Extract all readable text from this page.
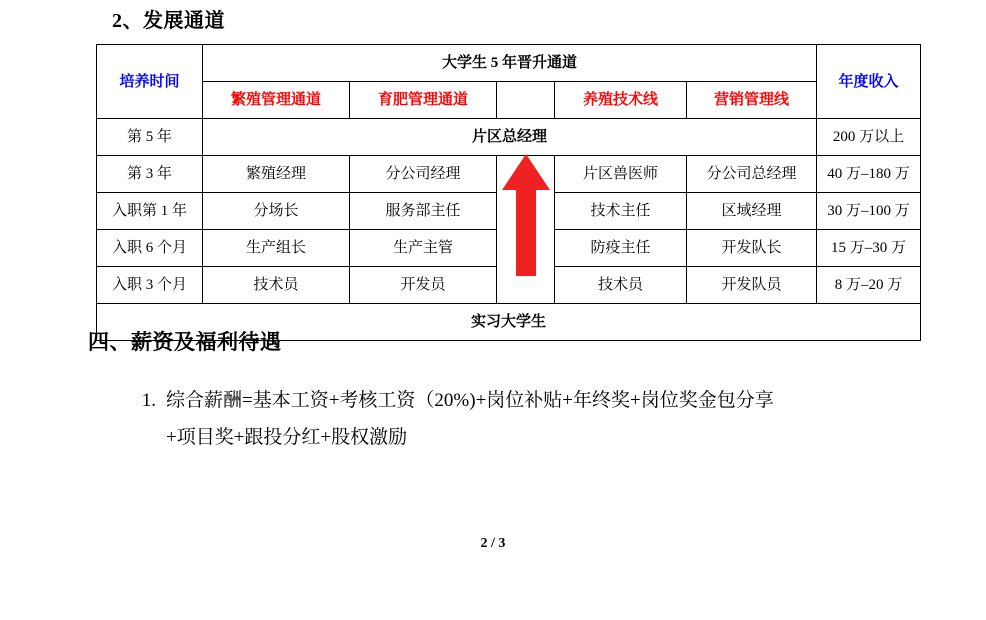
2、发展通道
培养时间	大学生 5 年晋升通道					年度收入
	繁殖管理通道	育肥管理通道		养殖技术线	营销管理线	
第 5 年	片区总经理					200 万以上
第 3 年	繁殖经理	分公司经理		片区兽医师	分公司总经理	40 万–180 万
入职第 1 年	分场长	服务部主任		技术主任	区域经理	30 万–100 万
入职 6 个月	生产组长	生产主管		防疫主任	开发队长	15 万–30 万
入职 3 个月	技术员	开发员		技术员	开发队员	8 万–20 万
实习大学生						
四、薪资及福利待遇
1. 综合薪酬=基本工资+考核工资（20%)+岗位补贴+年终奖+岗位奖金包分享
+项目奖+跟投分红+股权激励
2 / 3
